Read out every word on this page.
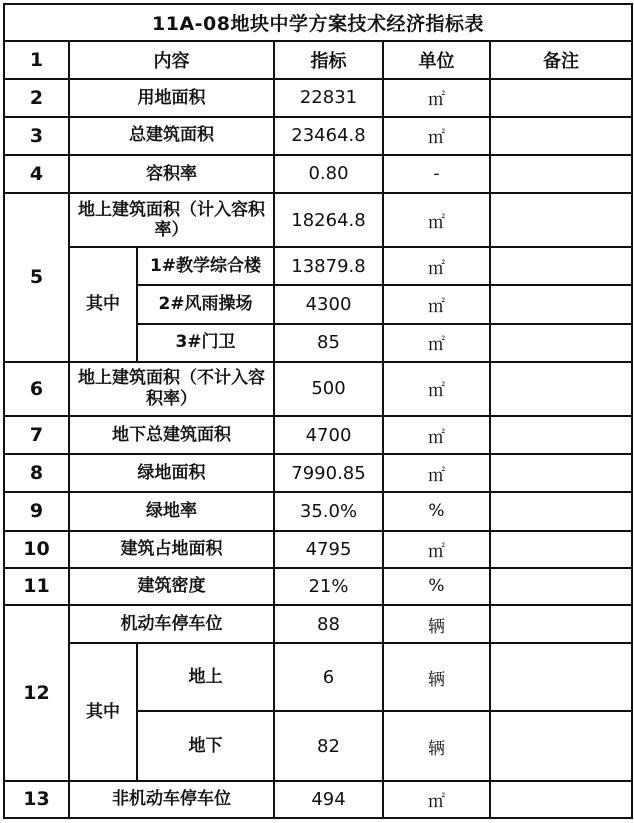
11A-08地块中学方案技术经济指标表					
1	内容		指标	单位	备注
2	用地面积		22831	㎡	
3	总建筑面积		23464.8	㎡	
4	容积率		0.80	-	
5	地上建筑面积（计入容积率）		18264.8	㎡	
	其中	1#教学综合楼	13879.8	㎡	
		2#风雨操场	4300	㎡	
		3#门卫	85	㎡	
6	地上建筑面积（不计入容积率）		500	㎡	
7	地下总建筑面积		4700	㎡	
8	绿地面积		7990.85	㎡	
9	绿地率		35.0%	%	
10	建筑占地面积		4795	㎡	
11	建筑密度		21%	%	
12	机动车停车位		88	辆	
	其中	地上	6	辆	
		地下	82	辆	
13	非机动车停车位		494	㎡	
